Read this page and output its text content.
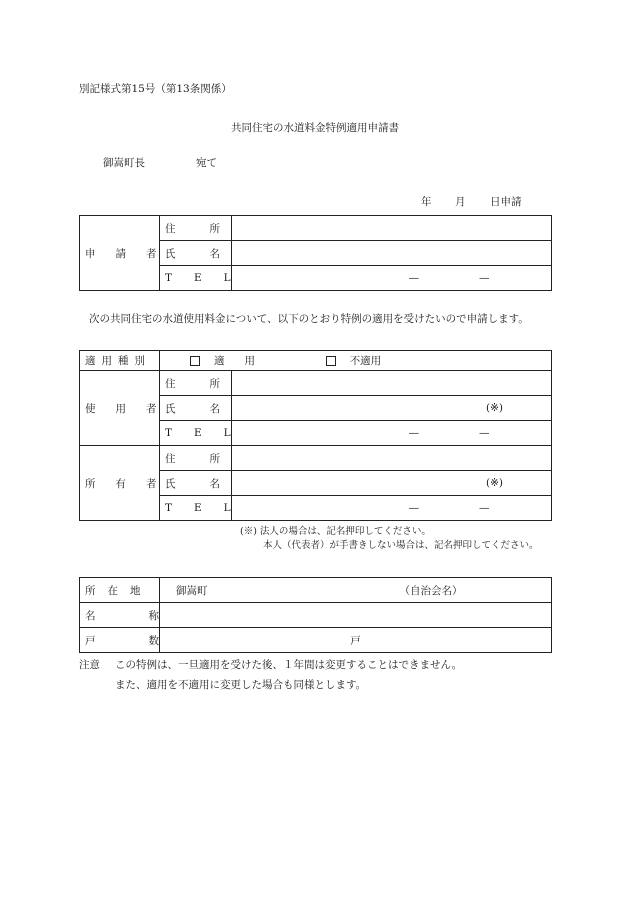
別記様式第15号（第13条関係）
共同住宅の水道料金特例適用申請書
御嵩町長	宛て
年 月 日申請
申請者	住所	
	氏名	
	TEL	— —
次の共同住宅の水道使用料金について、以下のとおり特例の適用を受けたいので申請します。
適用種別	適用 不適用	

使用者	住所	
	氏名	(※)

	TEL	— —

所有者	住所	
	氏名	(※)

	TEL	— —
(※) 法人の場合は、記名押印してください。
本人（代表者）が手書きしない場合は、記名押印してください。
所在地	御嵩町 （自治会名）

名称	
戸数	戸
注意 この特例は、一旦適用を受けた後、１年間は変更することはできません。
また、適用を不適用に変更した場合も同様とします。
